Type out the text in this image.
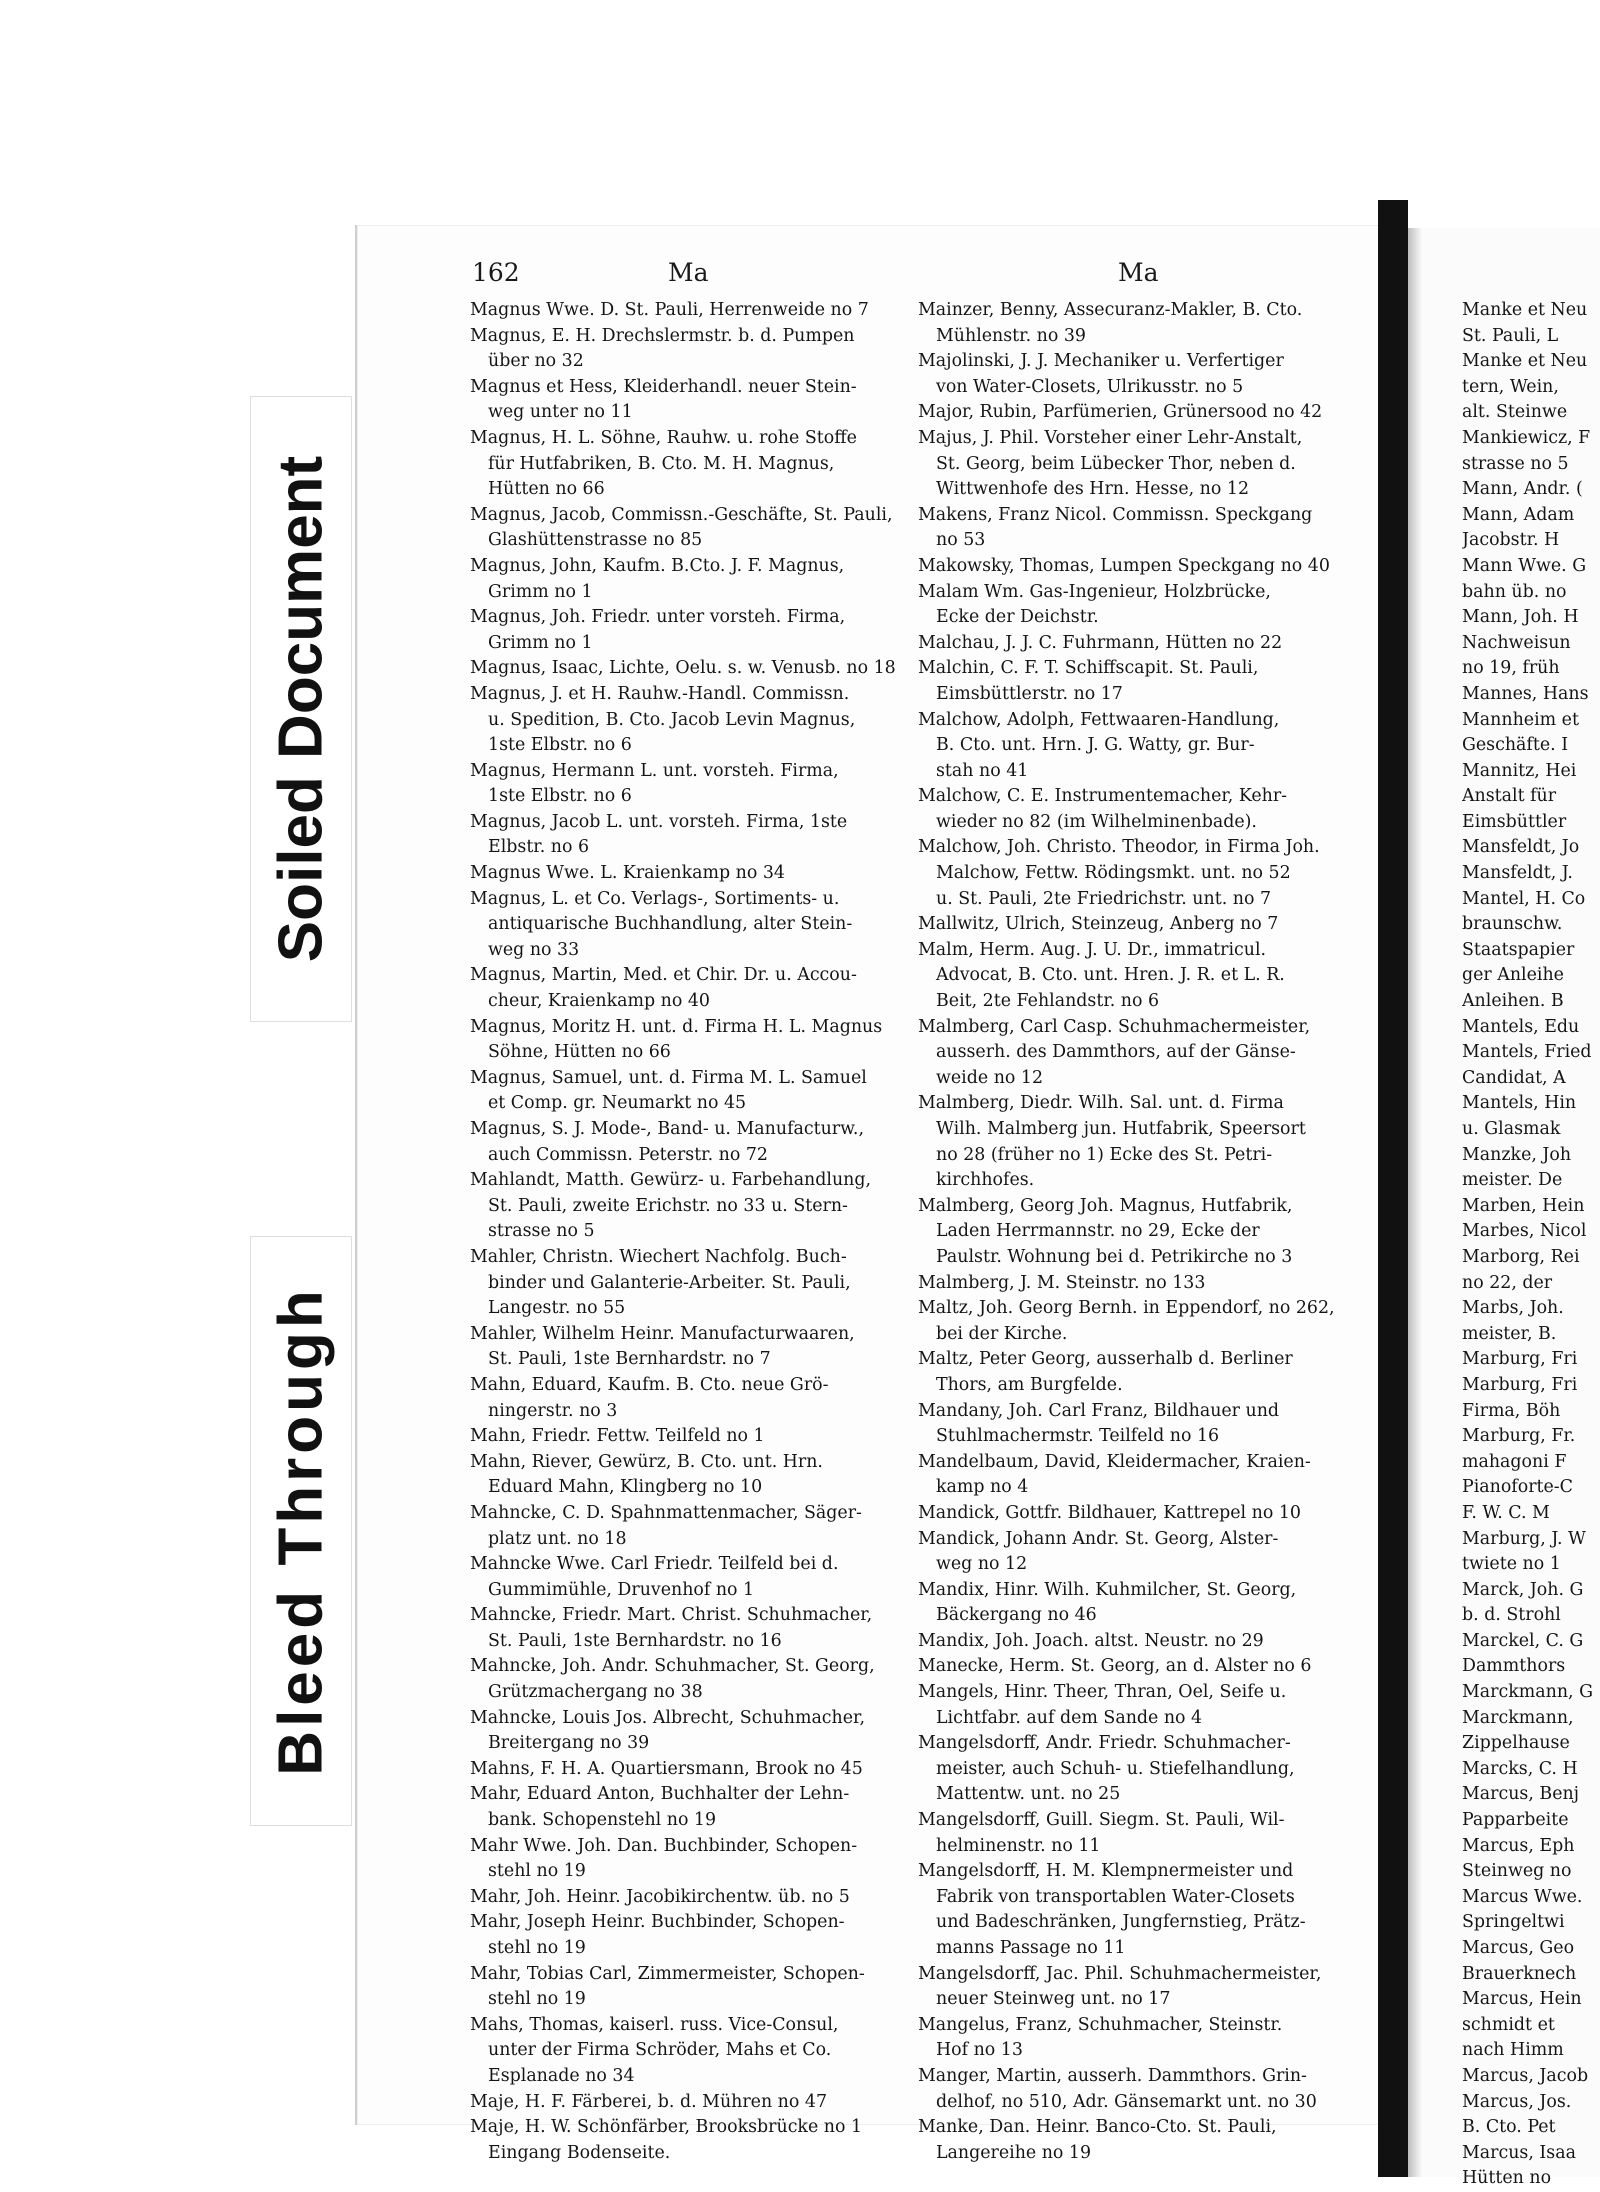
Soiled Document
Bleed Through
162	Ma	Ma
Magnus Wwe. D. St. Pauli, Herrenweide no 7
Magnus, E. H. Drechslermstr. b. d. Pumpen
über no 32
Magnus et Hess, Kleiderhandl. neuer Stein-
weg unter no 11
Magnus, H. L. Söhne, Rauhw. u. rohe Stoffe
für Hutfabriken, B. Cto. M. H. Magnus,
Hütten no 66
Magnus, Jacob, Commissn.-Geschäfte, St. Pauli,
Glashüttenstrasse no 85
Magnus, John, Kaufm. B.Cto. J. F. Magnus,
Grimm no 1
Magnus, Joh. Friedr. unter vorsteh. Firma,
Grimm no 1
Magnus, Isaac, Lichte, Oelu. s. w. Venusb. no 18
Magnus, J. et H. Rauhw.-Handl. Commissn.
u. Spedition, B. Cto. Jacob Levin Magnus,
1ste Elbstr. no 6
Magnus, Hermann L. unt. vorsteh. Firma,
1ste Elbstr. no 6
Magnus, Jacob L. unt. vorsteh. Firma, 1ste
Elbstr. no 6
Magnus Wwe. L. Kraienkamp no 34
Magnus, L. et Co. Verlags-, Sortiments- u.
antiquarische Buchhandlung, alter Stein-
weg no 33
Magnus, Martin, Med. et Chir. Dr. u. Accou-
cheur, Kraienkamp no 40
Magnus, Moritz H. unt. d. Firma H. L. Magnus
Söhne, Hütten no 66
Magnus, Samuel, unt. d. Firma M. L. Samuel
et Comp. gr. Neumarkt no 45
Magnus, S. J. Mode-, Band- u. Manufacturw.,
auch Commissn. Peterstr. no 72
Mahlandt, Matth. Gewürz- u. Farbehandlung,
St. Pauli, zweite Erichstr. no 33 u. Stern-
strasse no 5
Mahler, Christn. Wiechert Nachfolg. Buch-
binder und Galanterie-Arbeiter. St. Pauli,
Langestr. no 55
Mahler, Wilhelm Heinr. Manufacturwaaren,
St. Pauli, 1ste Bernhardstr. no 7
Mahn, Eduard, Kaufm. B. Cto. neue Grö-
ningerstr. no 3
Mahn, Friedr. Fettw. Teilfeld no 1
Mahn, Riever, Gewürz, B. Cto. unt. Hrn.
Eduard Mahn, Klingberg no 10
Mahncke, C. D. Spahnmattenmacher, Säger-
platz unt. no 18
Mahncke Wwe. Carl Friedr. Teilfeld bei d.
Gummimühle, Druvenhof no 1
Mahncke, Friedr. Mart. Christ. Schuhmacher,
St. Pauli, 1ste Bernhardstr. no 16
Mahncke, Joh. Andr. Schuhmacher, St. Georg,
Grützmachergang no 38
Mahncke, Louis Jos. Albrecht, Schuhmacher,
Breitergang no 39
Mahns, F. H. A. Quartiersmann, Brook no 45
Mahr, Eduard Anton, Buchhalter der Lehn-
bank. Schopenstehl no 19
Mahr Wwe. Joh. Dan. Buchbinder, Schopen-
stehl no 19
Mahr, Joh. Heinr. Jacobikirchentw. üb. no 5
Mahr, Joseph Heinr. Buchbinder, Schopen-
stehl no 19
Mahr, Tobias Carl, Zimmermeister, Schopen-
stehl no 19
Mahs, Thomas, kaiserl. russ. Vice-Consul,
unter der Firma Schröder, Mahs et Co.
Esplanade no 34
Maje, H. F. Färberei, b. d. Mühren no 47
Maje, H. W. Schönfärber, Brooksbrücke no 1
Eingang Bodenseite.
Mainzer, Benny, Assecuranz-Makler, B. Cto.
Mühlenstr. no 39
Majolinski, J. J. Mechaniker u. Verfertiger
von Water-Closets, Ulrikusstr. no 5
Major, Rubin, Parfümerien, Grünersood no 42
Majus, J. Phil. Vorsteher einer Lehr-Anstalt,
St. Georg, beim Lübecker Thor, neben d.
Wittwenhofe des Hrn. Hesse, no 12
Makens, Franz Nicol. Commissn. Speckgang
no 53
Makowsky, Thomas, Lumpen Speckgang no 40
Malam Wm. Gas-Ingenieur, Holzbrücke,
Ecke der Deichstr.
Malchau, J. J. C. Fuhrmann, Hütten no 22
Malchin, C. F. T. Schiffscapit. St. Pauli,
Eimsbüttlerstr. no 17
Malchow, Adolph, Fettwaaren-Handlung,
B. Cto. unt. Hrn. J. G. Watty, gr. Bur-
stah no 41
Malchow, C. E. Instrumentemacher, Kehr-
wieder no 82 (im Wilhelminenbade).
Malchow, Joh. Christo. Theodor, in Firma Joh.
Malchow, Fettw. Rödingsmkt. unt. no 52
u. St. Pauli, 2te Friedrichstr. unt. no 7
Mallwitz, Ulrich, Steinzeug, Anberg no 7
Malm, Herm. Aug. J. U. Dr., immatricul.
Advocat, B. Cto. unt. Hren. J. R. et L. R.
Beit, 2te Fehlandstr. no 6
Malmberg, Carl Casp. Schuhmachermeister,
ausserh. des Dammthors, auf der Gänse-
weide no 12
Malmberg, Diedr. Wilh. Sal. unt. d. Firma
Wilh. Malmberg jun. Hutfabrik, Speersort
no 28 (früher no 1) Ecke des St. Petri-
kirchhofes.
Malmberg, Georg Joh. Magnus, Hutfabrik,
Laden Herrmannstr. no 29, Ecke der
Paulstr. Wohnung bei d. Petrikirche no 3
Malmberg, J. M. Steinstr. no 133
Maltz, Joh. Georg Bernh. in Eppendorf, no 262,
bei der Kirche.
Maltz, Peter Georg, ausserhalb d. Berliner
Thors, am Burgfelde.
Mandany, Joh. Carl Franz, Bildhauer und
Stuhlmachermstr. Teilfeld no 16
Mandelbaum, David, Kleidermacher, Kraien-
kamp no 4
Mandick, Gottfr. Bildhauer, Kattrepel no 10
Mandick, Johann Andr. St. Georg, Alster-
weg no 12
Mandix, Hinr. Wilh. Kuhmilcher, St. Georg,
Bäckergang no 46
Mandix, Joh. Joach. altst. Neustr. no 29
Manecke, Herm. St. Georg, an d. Alster no 6
Mangels, Hinr. Theer, Thran, Oel, Seife u.
Lichtfabr. auf dem Sande no 4
Mangelsdorff, Andr. Friedr. Schuhmacher-
meister, auch Schuh- u. Stiefelhandlung,
Mattentw. unt. no 25
Mangelsdorff, Guill. Siegm. St. Pauli, Wil-
helminenstr. no 11
Mangelsdorff, H. M. Klempnermeister und
Fabrik von transportablen Water-Closets
und Badeschränken, Jungfernstieg, Prätz-
manns Passage no 11
Mangelsdorff, Jac. Phil. Schuhmachermeister,
neuer Steinweg unt. no 17
Mangelus, Franz, Schuhmacher, Steinstr.
Hof no 13
Manger, Martin, ausserh. Dammthors. Grin-
delhof, no 510, Adr. Gänsemarkt unt. no 30
Manke, Dan. Heinr. Banco-Cto. St. Pauli,
Langereihe no 19
Manke et Neu
St. Pauli, L
Manke et Neu
tern, Wein,
alt. Steinwe
Mankiewicz, F
strasse no 5
Mann, Andr. (
Mann, Adam
Jacobstr. H
Mann Wwe. G
bahn üb. no
Mann, Joh. H
Nachweisun
no 19, früh
Mannes, Hans
Mannheim et
Geschäfte. I
Mannitz, Hei
Anstalt für
Eimsbüttler
Mansfeldt, Jo
Mansfeldt, J.
Mantel, H. Co
braunschw.
Staatspapier
ger Anleihe
Anleihen. B
Mantels, Edu
Mantels, Fried
Candidat, A
Mantels, Hin
u. Glasmak
Manzke, Joh
meister. De
Marben, Hein
Marbes, Nicol
Marborg, Rei
no 22, der
Marbs, Joh.
meister, B.
Marburg, Fri
Marburg, Fri
Firma, Böh
Marburg, Fr.
mahagoni F
Pianoforte-C
F. W. C. M
Marburg, J. W
twiete no 1
Marck, Joh. G
b. d. Strohl
Marckel, C. G
Dammthors
Marckmann, G
Marckmann,
Zippelhause
Marcks, C. H
Marcus, Benj
Papparbeite
Marcus, Eph
Steinweg no
Marcus Wwe.
Springeltwi
Marcus, Geo
Brauerknech
Marcus, Hein
schmidt et
nach Himm
Marcus, Jacob
Marcus, Jos.
B. Cto. Pet
Marcus, Isaa
Hütten no
